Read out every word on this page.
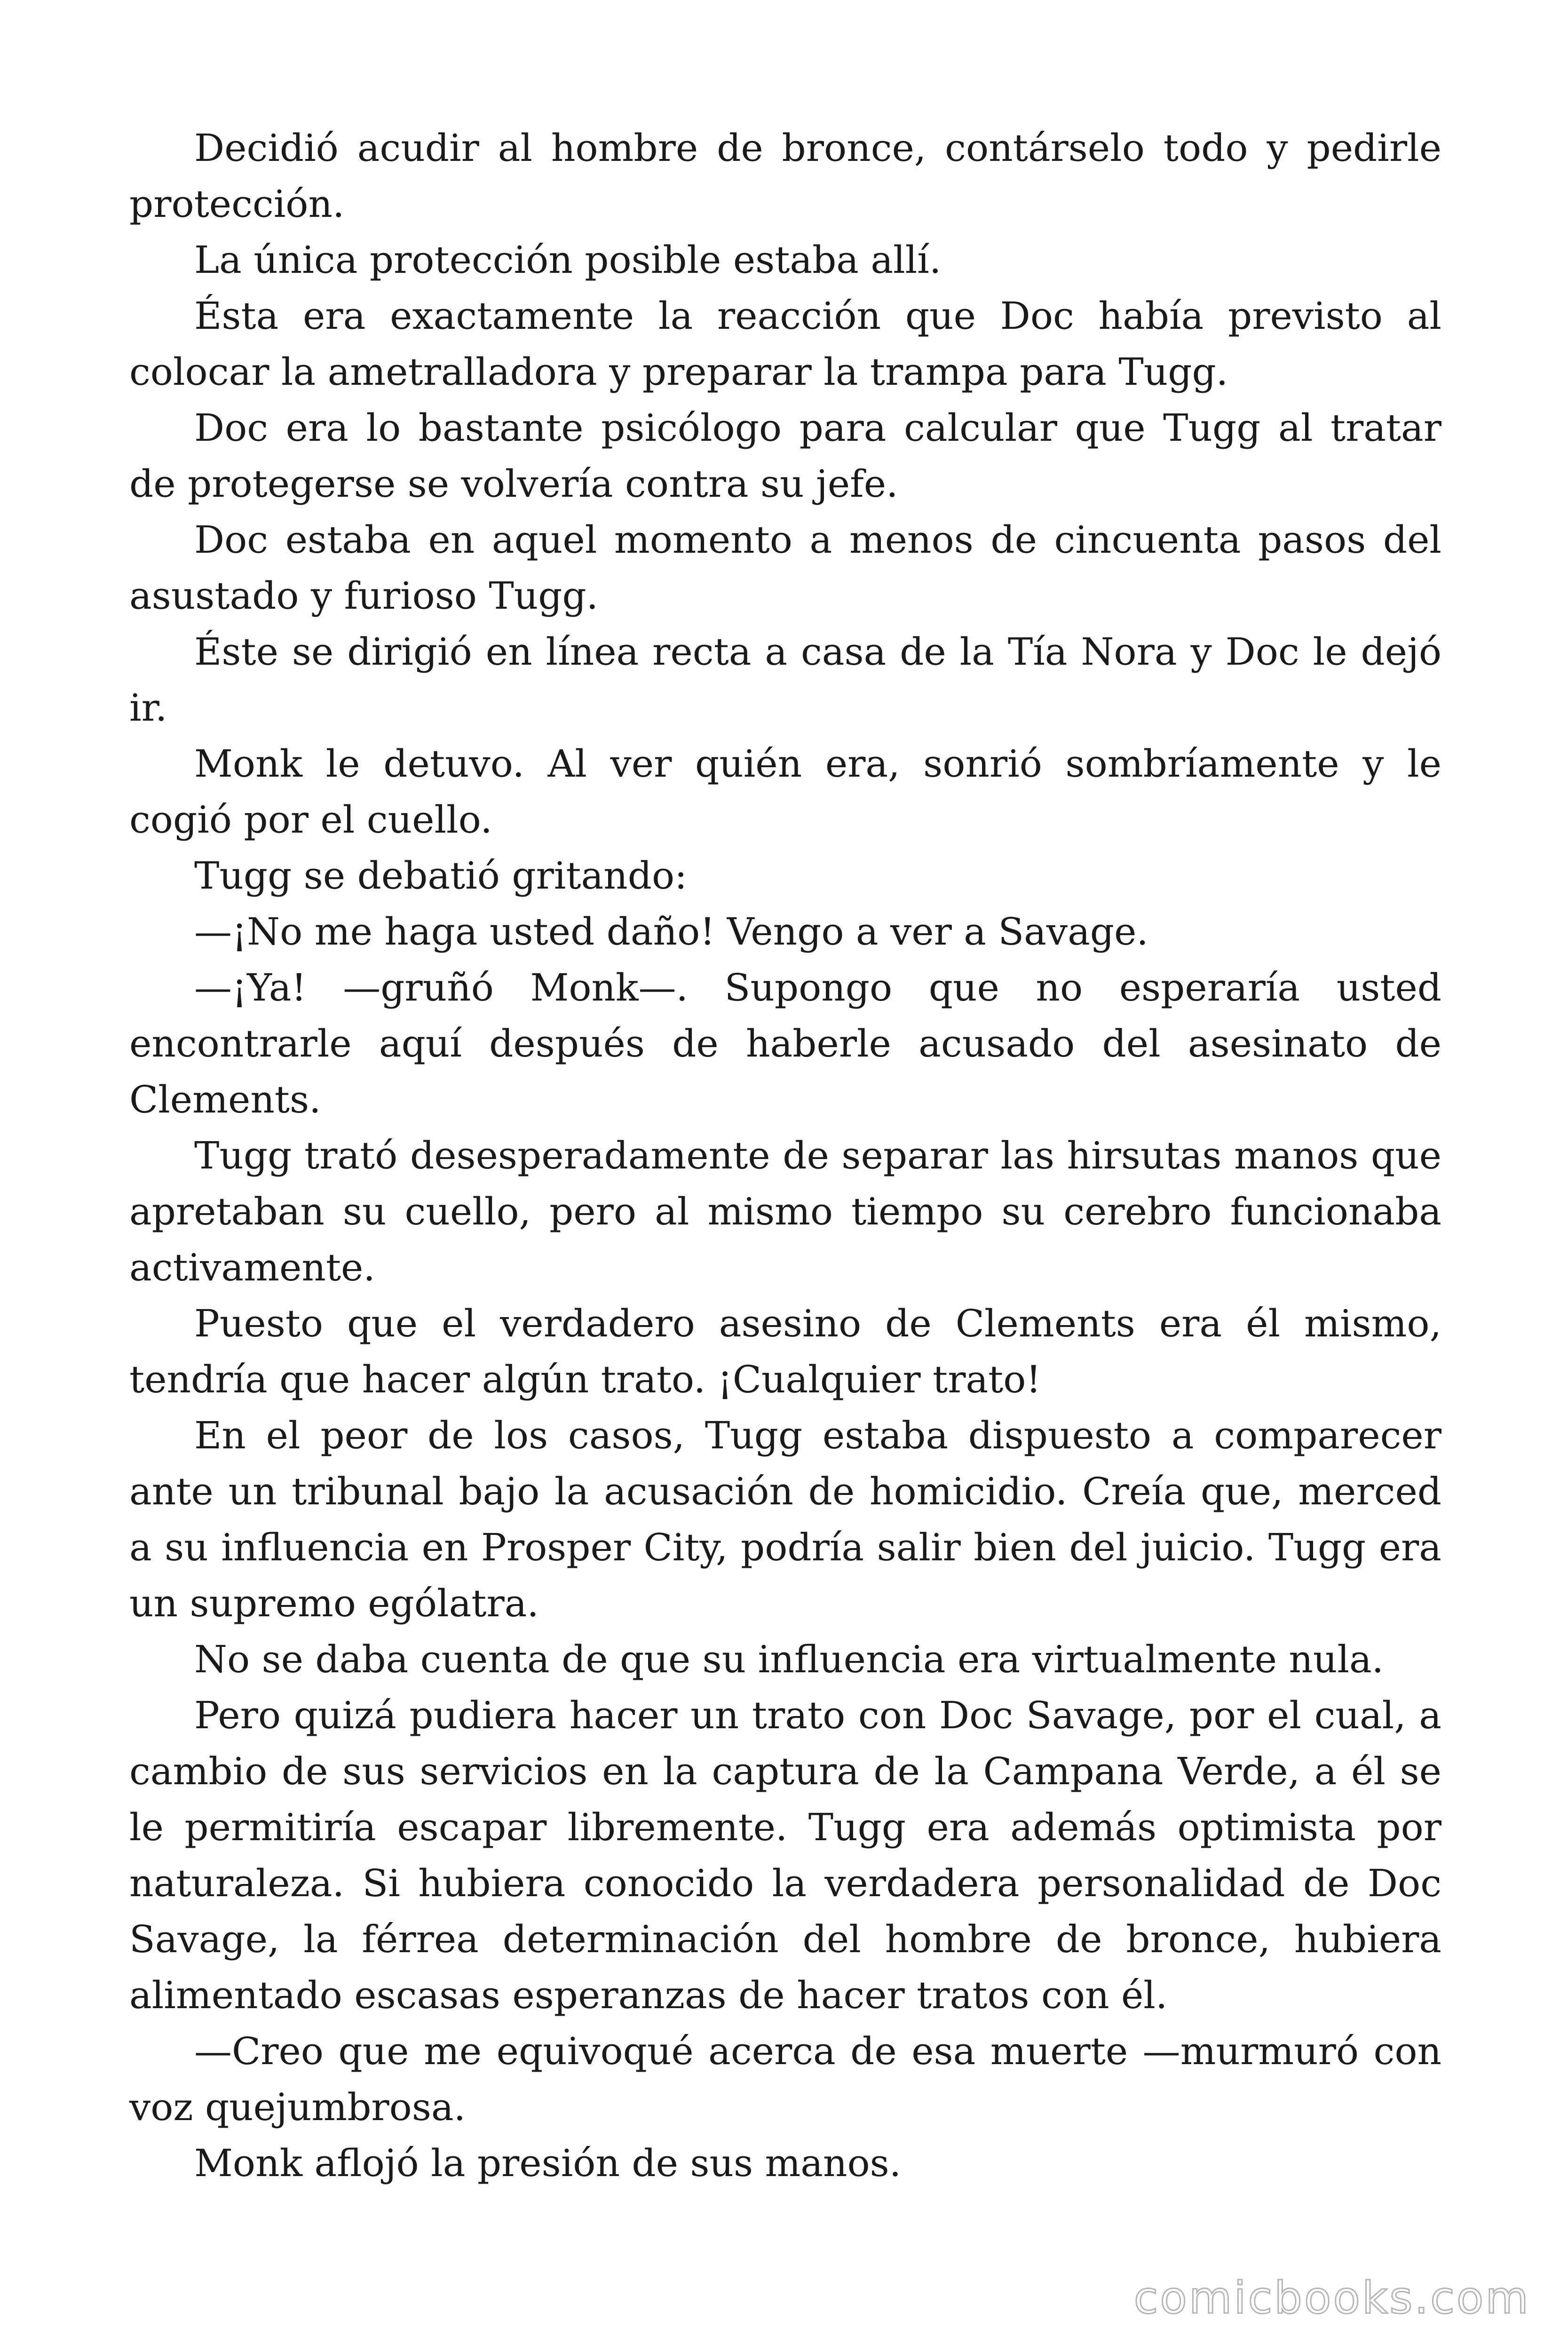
Decidió acudir al hombre de bronce, contárselo todo y pedirle protección.

La única protección posible estaba allí.

Ésta era exactamente la reacción que Doc había previsto al colocar la ametralladora y preparar la trampa para Tugg.

Doc era lo bastante psicólogo para calcular que Tugg al tratar de protegerse se volvería contra su jefe.

Doc estaba en aquel momento a menos de cincuenta pasos del asustado y furioso Tugg.

Éste se dirigió en línea recta a casa de la Tía Nora y Doc le dejó ir.

Monk le detuvo. Al ver quién era, sonrió sombríamente y le cogió por el cuello.

Tugg se debatió gritando:

—¡No me haga usted daño! Vengo a ver a Savage.

—¡Ya! —gruñó Monk—. Supongo que no esperaría usted encontrarle aquí después de haberle acusado del asesinato de Clements.

Tugg trató desesperadamente de separar las hirsutas manos que apretaban su cuello, pero al mismo tiempo su cerebro funcionaba activamente.

Puesto que el verdadero asesino de Clements era él mismo, tendría que hacer algún trato. ¡Cualquier trato!

En el peor de los casos, Tugg estaba dispuesto a comparecer ante un tribunal bajo la acusación de homicidio. Creía que, merced a su influencia en Prosper City, podría salir bien del juicio. Tugg era un supremo ególatra.

No se daba cuenta de que su influencia era virtualmente nula.

Pero quizá pudiera hacer un trato con Doc Savage, por el cual, a cambio de sus servicios en la captura de la Campana Verde, a él se le permitiría escapar libremente. Tugg era además optimista por naturaleza. Si hubiera conocido la verdadera personalidad de Doc Savage, la férrea determinación del hombre de bronce, hubiera alimentado escasas esperanzas de hacer tratos con él.

—Creo que me equivoqué acerca de esa muerte —murmuró con voz quejumbrosa.

Monk aflojó la presión de sus manos.

comicbooks.com
